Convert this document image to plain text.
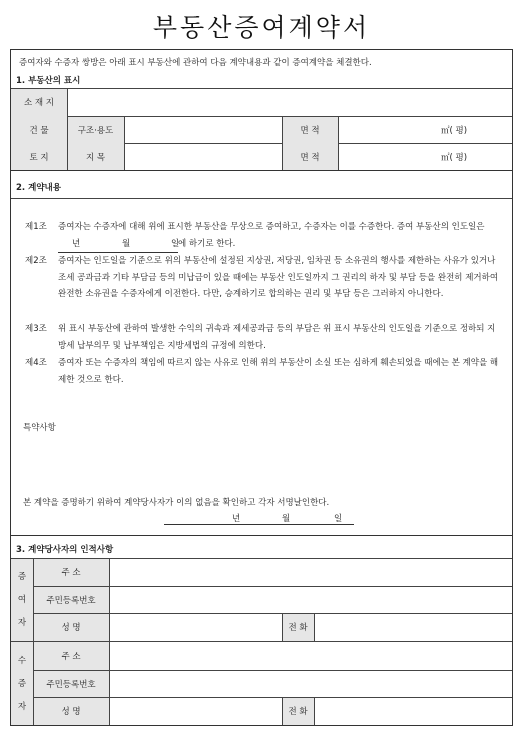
부동산증여계약서
증여자와 수증자 쌍방은 아래 표시 부동산에 관하여 다음 계약내용과 같이 증여계약을 체결한다.
1. 부동산의 표시
소 재 지
건 물	구조·용도	면 적	㎡( 평)
토 지	지 목	면 적	㎡( 평)
2. 계약내용
제1조 증여자는 수증자에 대해 위에 표시한 부동산을 무상으로 증여하고, 수증자는 이를 수증한다. 증여 부동산의 인도일은
년	월	일
에 하기로 한다.
제2조 증여자는 인도일을 기준으로 위의 부동산에 설정된 지상권, 저당권, 임차권 등 소유권의 행사를 제한하는 사유가 있거나 조세 공과금과 기타 부담금 등의 미납금이 있을 때에는 부동산 인도일까지 그 권리의 하자 및 부담 등을 완전히 제거하여 완전한 소유권을 수증자에게 이전한다. 다만, 승계하기로 합의하는 권리 및 부담 등은 그러하지 아니한다.
제3조 위 표시 부동산에 관하여 발생한 수익의 귀속과 제세공과금 등의 부담은 위 표시 부동산의 인도일을 기준으로 정하되 지방세 납부의무 및 납부책임은 지방세법의 규정에 의한다.
제4조 증여자 또는 수증자의 책임에 따르지 않는 사유로 인해 위의 부동산이 소실 또는 심하게 훼손되었을 때에는 본 계약을 해제한 것으로 한다.
특약사항
본 계약을 증명하기 위하여 계약당사자가 이의 없음을 확인하고 각자 서명날인한다.
년	월	일
3. 계약당사자의 인적사항
증
여
자
주 소
주민등록번호
성 명	전 화
수
증
자
주 소
주민등록번호
성 명	전 화
